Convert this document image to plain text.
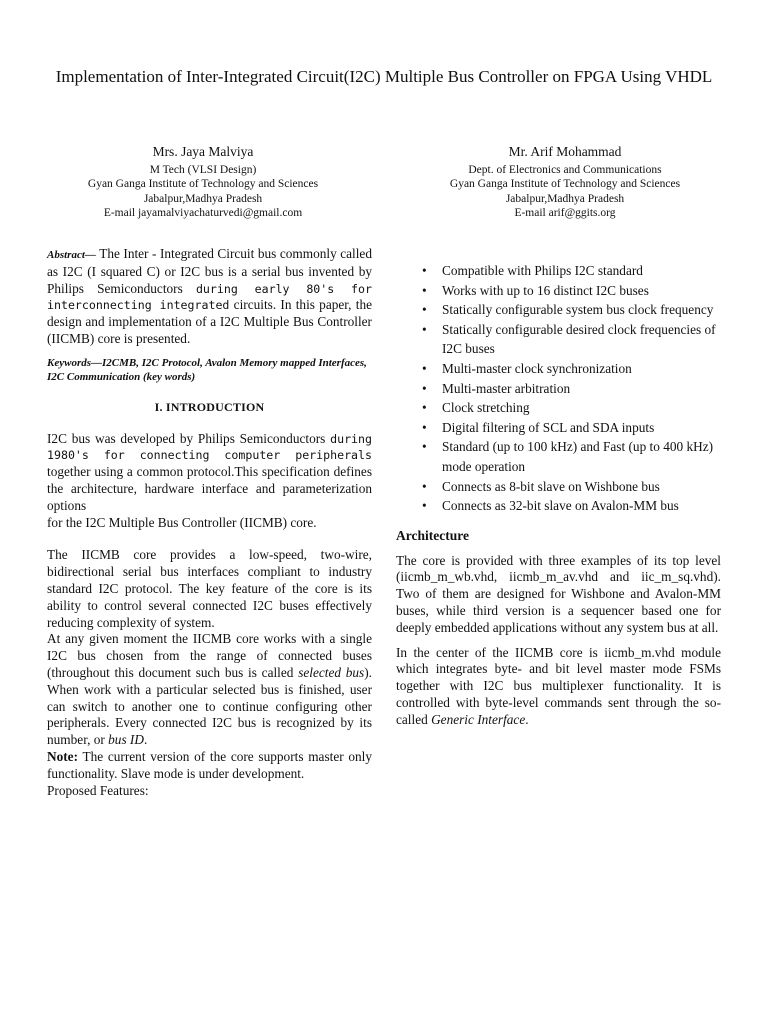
Implementation of Inter-Integrated Circuit(I2C) Multiple Bus Controller on FPGA Using VHDL
Mrs. Jaya Malviya
M Tech (VLSI Design)
Gyan Ganga Institute of Technology and Sciences
Jabalpur,Madhya Pradesh
E-mail jayamalviyachaturvedi@gmail.com
Mr. Arif Mohammad
Dept. of Electronics and Communications
Gyan Ganga Institute of Technology and Sciences
Jabalpur,Madhya Pradesh
E-mail arif@ggits.org

Abstract— The Inter - Integrated Circuit bus commonly called as I2C (I squared C) or I2C bus is a serial bus invented by Philips Semiconductors during early 80's for interconnecting integrated circuits. In this paper, the design and implementation of a I2C Multiple Bus Controller (IICMB) core is presented.

Keywords—I2CMB, I2C Protocol, Avalon Memory mapped Interfaces, I2C Communication (key words)

I. INTRODUCTION

I2C bus was developed by Philips Semiconductors during 1980's for connecting computer peripherals together using a common protocol.This specification defines the architecture, hardware interface and parameterization options

for the I2C Multiple Bus Controller (IICMB) core.

The IICMB core provides a low-speed, two-wire, bidirectional serial bus interfaces compliant to industry standard I2C protocol. The key feature of the core is its ability to control several connected I2C buses effectively reducing complexity of system.

At any given moment the IICMB core works with a single I2C bus chosen from the range of connected buses (throughout this document such bus is called selected bus). When work with a particular selected bus is finished, user can switch to another one to continue configuring other peripherals. Every connected I2C bus is recognized by its number, or bus ID.

Note: The current version of the core supports master only functionality. Slave mode is under development.

Proposed Features:

• Compatible with Philips I2C standard
• Works with up to 16 distinct I2C buses
• Statically configurable system bus clock frequency
• Statically configurable desired clock frequencies of I2C buses
• Multi-master clock synchronization
• Multi-master arbitration
• Clock stretching
• Digital filtering of SCL and SDA inputs
• Standard (up to 100 kHz) and Fast (up to 400 kHz) mode operation
• Connects as 8-bit slave on Wishbone bus
• Connects as 32-bit slave on Avalon-MM bus
Architecture

The core is provided with three examples of its top level (iicmb_m_wb.vhd, iicmb_m_av.vhd and iic_m_sq.vhd). Two of them are designed for Wishbone and Avalon-MM buses, while third version is a sequencer based one for deeply embedded applications without any system bus at all.

In the center of the IICMB core is iicmb_m.vhd module which integrates byte- and bit level master mode FSMs together with I2C bus multiplexer functionality. It is controlled with byte-level commands sent through the so-called Generic Interface.
